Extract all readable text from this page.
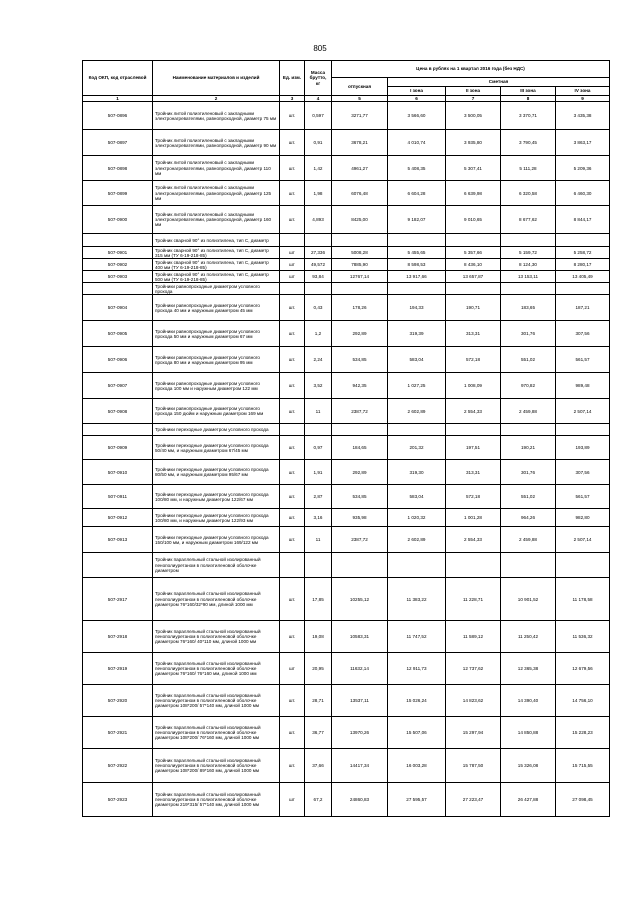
805
Код ОКП, код отраслевой	Наименование материалов и изделий	Ед. изм.	Масса брутто, кг	Цена в рублях на 1 квартал 2016 года (без НДС)				
				отпускная	Сметная			
					I зона	II зона	III зона	IV зона
1	2	3	4	5	6	7	8	9
507-0896	Тройник литой полиэтиленовый с закладными электронагревателями, равнопроходной, диаметр 75 мм	шт.	0,597	3271,77	3 566,60	3 500,05	3 370,71	3 435,38
507-0897	Тройник литой полиэтиленовый с закладными электронагревателями, равнопроходной, диаметр 90 мм	шт.	0,91	3678,21	4 010,74	3 935,80	3 790,45	3 863,17
507-0898	Тройник литой полиэтиленовый с закладными электронагревателями, равнопроходной, диаметр 110 мм	шт.	1,42	4961,27	5 408,35	5 307,41	5 111,28	5 209,36
507-0899	Тройник литой полиэтиленовый с закладными электронагревателями, равнопроходной, диаметр 125 мм	шт.	1,98	6076,48	6 604,28	6 639,98	6 320,58	6 460,30
507-0900	Тройник литой полиэтиленовый с закладными электронагревателями, равнопроходной, диаметр 160 мм	шт.	4,893	8425,00	9 182,07	9 010,65	8 677,62	8 844,17
	Тройник сварной 90° из полиэтилена, тип С, диаметр							
507-0901	Тройник сварной 90° из полиэтилена, тип С, диаметр 315 мм (ТУ 6-19-218-85)	шт	27,336	5008,28	5 455,65	5 357,66	5 159,72	5 258,72
507-0902	Тройник сварной 90° из полиэтилена, тип С, диаметр 400 мм (ТУ 6-19-218-85)	шт	49,572	7885,90	8 598,53	8 436,10	8 124,30	8 280,17
507-0903	Тройник сварной 90° из полиэтилена, тип С, диаметр 500 мм (ТУ 6-19-218-85)	шт	93,84	12767,14	13 917,66	13 657,87	13 153,11	13 405,49
	Тройники равнопроходные диаметром условного прохода							
507-0904	Тройники равнопроходные диаметром условного прохода 40 мм и наружным диаметром 45 мм	шт.	0,43	178,26	194,33	190,71	183,65	187,21
507-0905	Тройники равнопроходные диаметром условного прохода 50 мм и наружным диаметром 67 мм	шт.	1,2	292,89	319,39	313,31	301,76	307,56
507-0906	Тройники равнопроходные диаметром условного прохода 80 мм и наружным диаметром 95 мм	шт.	2,24	534,85	583,04	572,18	551,02	561,57
507-0907	Тройники равнопроходные диаметром условного прохода 100 мм и наружным диаметром 122 мм	шт.	3,52	942,35	1 027,25	1 008,09	970,82	989,48
507-0908	Тройники равнопроходные диаметром условного прохода 150 дюйм и наружным диаметром 169 мм	шт.	11	2387,72	2 602,89	2 554,33	2 459,88	2 507,14
	Тройники переходные диаметром условного прохода							
507-0909	Тройники переходные диаметром условного прохода 50/40 мм, и наружным диаметром 67/45 мм	шт.	0,97	184,65	201,32	197,51	190,21	193,89
507-0910	Тройники переходные диаметром условного прохода 80/50 мм, и наружным диаметром 95/67 мм	шт.	1,91	292,89	319,30	313,31	301,76	307,56
507-0911	Тройники переходные диаметром условного прохода 100/80 мм, и наружным диаметром 122/67 мм	шт.	2,87	534,85	583,04	572,18	551,02	561,57
507-0912	Тройники переходные диаметром условного прохода 100/80 мм, и наружным диаметром 122/93 мм	шт.	3,16	935,98	1 020,32	1 001,28	964,26	982,80
507-0913	Тройники переходные диаметром условного прохода 150/100 мм, и наружным диаметром 169/122 мм	шт.	11	2387,72	2 602,89	2 554,33	2 459,88	2 507,14
	Тройник параллельный стальной изолированный пенополиуретаном в полиэтиленовой оболочке диаметром							
507-2917	Тройник параллельный стальной изолированный пенополиуретаном в полиэтиленовой оболочке диаметром 76*160/32*90 мм, длиной 1000 мм	шт.	17,85	10255,12	11 383,22	11 228,71	10 901,52	11 178,58
507-2918	Тройник параллельный стальной изолированный пенополиуретаном в полиэтиленовой оболочке диаметром 76*160/ 40*110 мм, длиной 1000 мм	шт.	19,08	10583,31	11 747,52	11 589,12	11 250,42	11 536,32
507-2919	Тройник параллельный стальной изолированный пенополиуретаном в полиэтиленовой оболочке диаметром 76*160/ 76*160 мм, длиной 1000 мм	шт	20,95	11632,14	12 911,73	12 737,62	12 365,38	12 679,56
507-2920	Тройник параллельный стальной изолированный пенополиуретаном в полиэтиленовой оболочке диаметром 108*200/ 57*140 мм, длиной 1000 мм	шт.	28,71	13537,11	15 026,24	14 823,62	14 390,40	14 756,10
507-2921	Тройник параллельный стальной изолированный пенополиуретаном в полиэтиленовой оболочке диаметром 108*200/ 76*160 мм, длиной 1000 мм	шт.	36,77	13970,26	15 507,06	15 297,94	14 850,88	15 228,23
507-2922	Тройник параллельный стальной изолированный пенополиуретаном в полиэтиленовой оболочке диаметром 108*200/ 89*160 мм, длиной 1000 мм	шт.	37,66	14417,34	16 003,28	15 787,50	15 326,08	15 715,55
507-2923	Тройник параллельный стальной изолированный пенополиуретаном в полиэтиленовой оболочке диаметром 219*315/ 57*140 мм, длиной 1000 мм	шт	67,2	24860,83	27 595,57	27 223,47	26 427,88	27 098,45
